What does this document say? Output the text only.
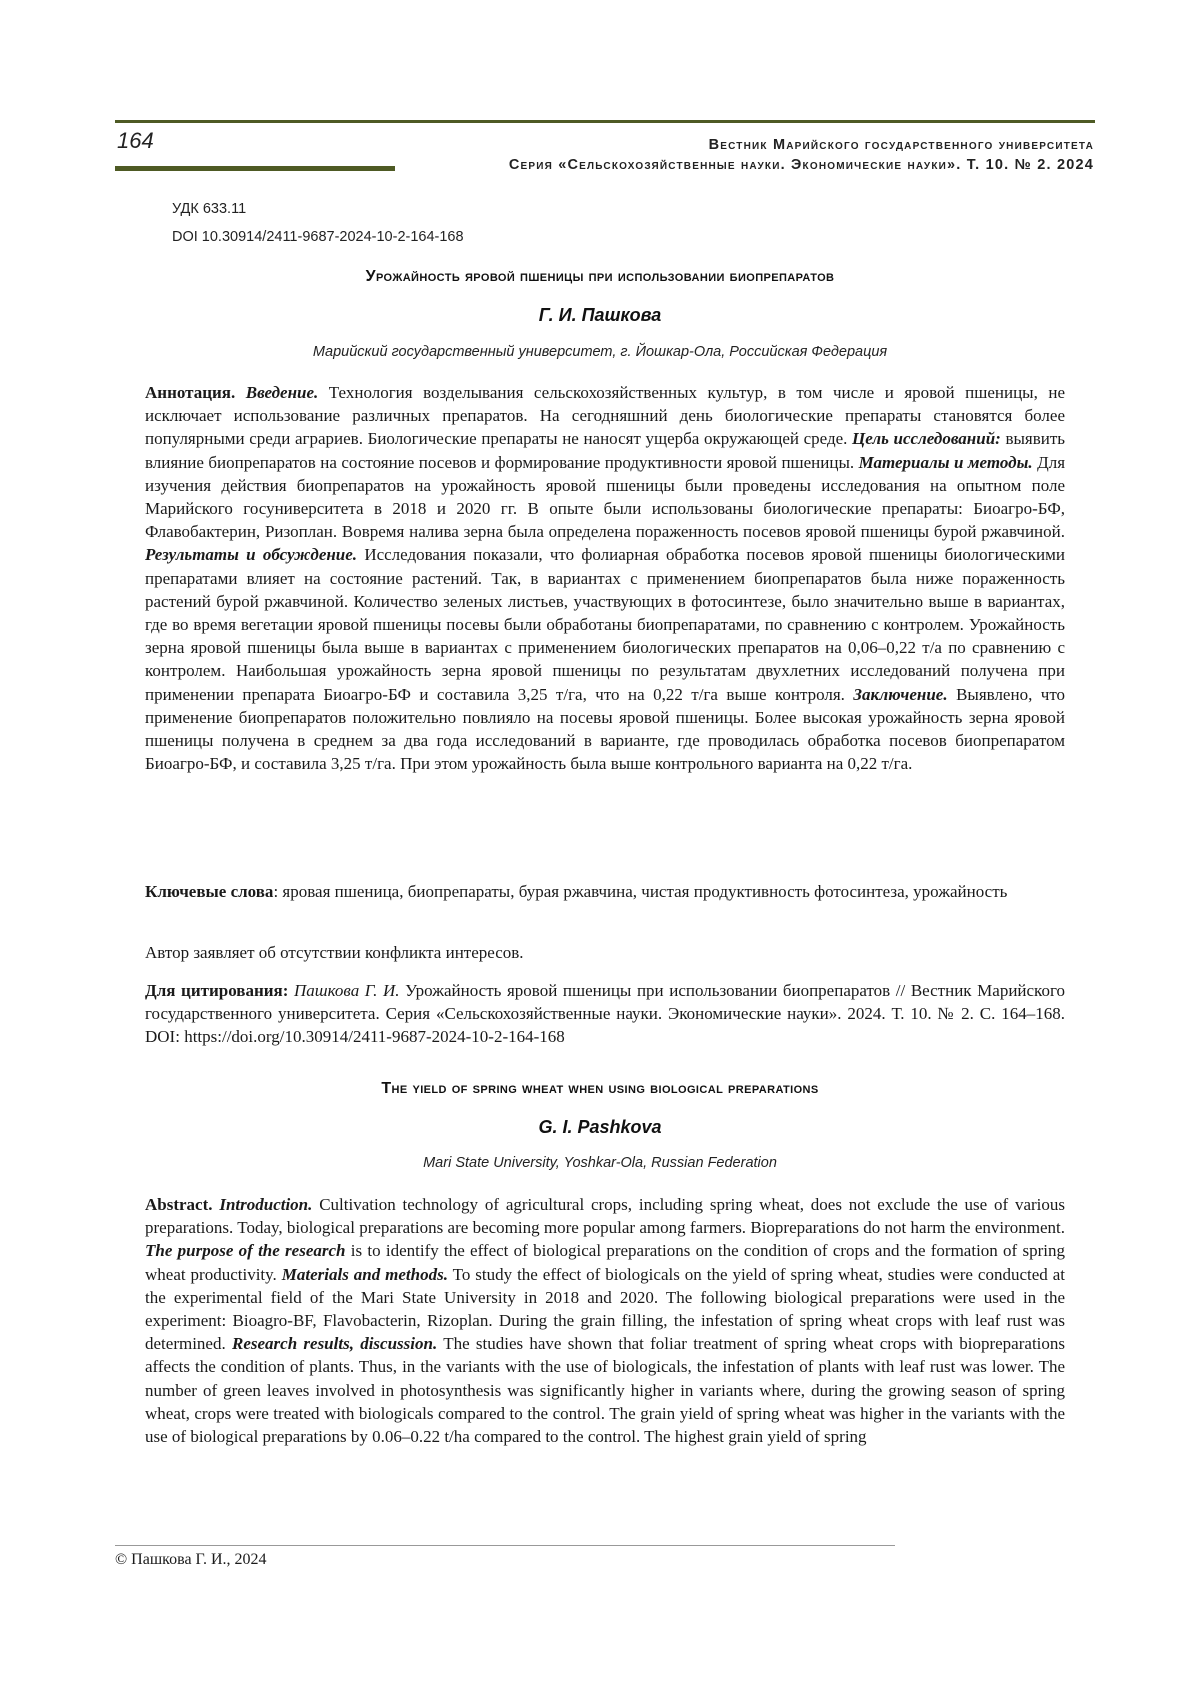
164	Вестник Марийского государственного университета
Серия «Сельскохозяйственные науки. Экономические науки». Т. 10. № 2. 2024
УДК 633.11
DOI 10.30914/2411-9687-2024-10-2-164-168
Урожайность яровой пшеницы при использовании биопрепаратов
Г. И. Пашкова
Марийский государственный университет, г. Йошкар-Ола, Российская Федерация
Аннотация. Введение. Технология возделывания сельскохозяйственных культур, в том числе и яровой пшеницы, не исключает использование различных препаратов. На сегодняшний день биологические препараты становятся более популярными среди аграриев. Биологические препараты не наносят ущерба окружающей среде. Цель исследований: выявить влияние биопрепаратов на состояние посевов и формирование продуктивности яровой пшеницы. Материалы и методы. Для изучения действия биопрепаратов на урожайность яровой пшеницы были проведены исследования на опытном поле Марийского госуниверситета в 2018 и 2020 гг. В опыте были использованы биологические препараты: Биоагро-БФ, Флавобактерин, Ризоплан. Вовремя налива зерна была определена пораженность посевов яровой пшеницы бурой ржавчиной. Результаты и обсуждение. Исследования показали, что фолиарная обработка посевов яровой пшеницы биологическими препаратами влияет на состояние растений. Так, в вариантах с применением биопрепаратов была ниже пораженность растений бурой ржавчиной. Количество зеленых листьев, участвующих в фотосинтезе, было значительно выше в вариантах, где во время вегетации яровой пшеницы посевы были обработаны биопрепаратами, по сравнению с контролем. Урожайность зерна яровой пшеницы была выше в вариантах с применением биологических препаратов на 0,06–0,22 т/а по сравнению с контролем. Наибольшая урожайность зерна яровой пшеницы по результатам двухлетних исследований получена при применении препарата Биоагро-БФ и составила 3,25 т/га, что на 0,22 т/га выше контроля. Заключение. Выявлено, что применение биопрепаратов положительно повлияло на посевы яровой пшеницы. Более высокая урожайность зерна яровой пшеницы получена в среднем за два года исследований в варианте, где проводилась обработка посевов биопрепаратом Биоагро-БФ, и составила 3,25 т/га. При этом урожайность была выше контрольного варианта на 0,22 т/га.
Ключевые слова: яровая пшеница, биопрепараты, бурая ржавчина, чистая продуктивность фотосинтеза, урожайность
Автор заявляет об отсутствии конфликта интересов.
Для цитирования: Пашкова Г. И. Урожайность яровой пшеницы при использовании биопрепаратов // Вестник Марийского государственного университета. Серия «Сельскохозяйственные науки. Экономические науки». 2024. Т. 10. № 2. С. 164–168. DOI: https://doi.org/10.30914/2411-9687-2024-10-2-164-168
The yield of spring wheat when using biological preparations
G. I. Pashkova
Mari State University, Yoshkar-Ola, Russian Federation
Abstract. Introduction. Cultivation technology of agricultural crops, including spring wheat, does not exclude the use of various preparations. Today, biological preparations are becoming more popular among farmers. Biopreparations do not harm the environment. The purpose of the research is to identify the effect of biological preparations on the condition of crops and the formation of spring wheat productivity. Materials and methods. To study the effect of biologicals on the yield of spring wheat, studies were conducted at the experimental field of the Mari State University in 2018 and 2020. The following biological preparations were used in the experiment: Bioagro-BF, Flavobacterin, Rizoplan. During the grain filling, the infestation of spring wheat crops with leaf rust was determined. Research results, discussion. The studies have shown that foliar treatment of spring wheat crops with biopreparations affects the condition of plants. Thus, in the variants with the use of biologicals, the infestation of plants with leaf rust was lower. The number of green leaves involved in photosynthesis was significantly higher in variants where, during the growing season of spring wheat, crops were treated with biologicals compared to the control. The grain yield of spring wheat was higher in the variants with the use of biological preparations by 0.06–0.22 t/ha compared to the control. The highest grain yield of spring
© Пашкова Г. И., 2024
